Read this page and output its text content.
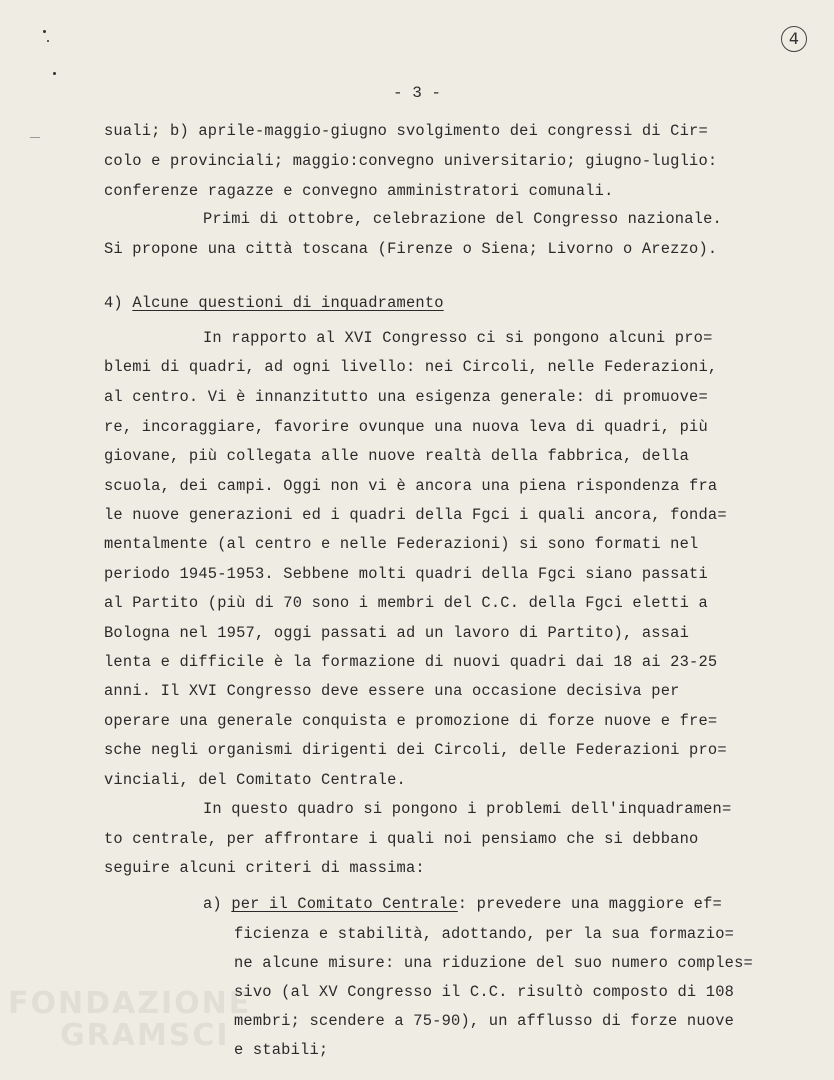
4
- 3 -
suali; b) aprile-maggio-giugno svolgimento dei congressi di Cir=
colo e provinciali; maggio:convegno universitario; giugno-luglio:
conferenze ragazze e convegno amministratori comunali.
Primi di ottobre, celebrazione del Congresso nazionale.
Si propone una città toscana (Firenze o Siena; Livorno o Arezzo).
4) Alcune questioni di inquadramento
In rapporto al XVI Congresso ci si pongono alcuni pro=
blemi di quadri, ad ogni livello: nei Circoli, nelle Federazioni,
al centro. Vi è innanzitutto una esigenza generale: di promuove=
re, incoraggiare, favorire ovunque una nuova leva di quadri, più
giovane, più collegata alle nuove realtà della fabbrica, della
scuola, dei campi. Oggi non vi è ancora una piena rispondenza fra
le nuove generazioni ed i quadri della Fgci i quali ancora, fonda=
mentalmente (al centro e nelle Federazioni) si sono formati nel
periodo 1945-1953. Sebbene molti quadri della Fgci siano passati
al Partito (più di 70 sono i membri del C.C. della Fgci eletti a
Bologna nel 1957, oggi passati ad un lavoro di Partito), assai
lenta e difficile è la formazione di nuovi quadri dai 18 ai 23-25
anni. Il XVI Congresso deve essere una occasione decisiva per
operare una generale conquista e promozione di forze nuove e fre=
sche negli organismi dirigenti dei Circoli, delle Federazioni pro=
vinciali, del Comitato Centrale.
In questo quadro si pongono i problemi dell'inquadramen=
to centrale, per affrontare i quali noi pensiamo che si debbano
seguire alcuni criteri di massima:
a) per il Comitato Centrale: prevedere una maggiore ef=
ficienza e stabilità, adottando, per la sua formazio=
ne alcune misure: una riduzione del suo numero comples=
sivo (al XV Congresso il C.C. risultò composto di 108
membri; scendere a 75-90), un afflusso di forze nuove
e stabili;
FONDAZIONE
GRAMSCI
